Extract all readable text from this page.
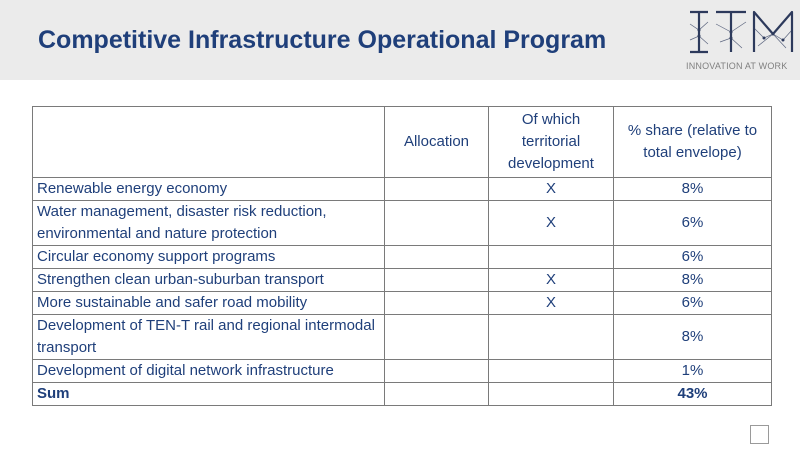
Competitive Infrastructure Operational Program
INNOVATION AT WORK
	Allocation	Of which territorial development	% share (relative to total envelope)
Renewable energy economy		X	8%
Water management, disaster risk reduction, environmental and nature protection		X	6%
Circular economy support programs			6%
Strengthen clean urban-suburban transport		X	8%
More sustainable and safer road mobility		X	6%
Development of TEN-T rail and regional intermodal transport			8%
Development of digital network infrastructure			1%
Sum			43%
